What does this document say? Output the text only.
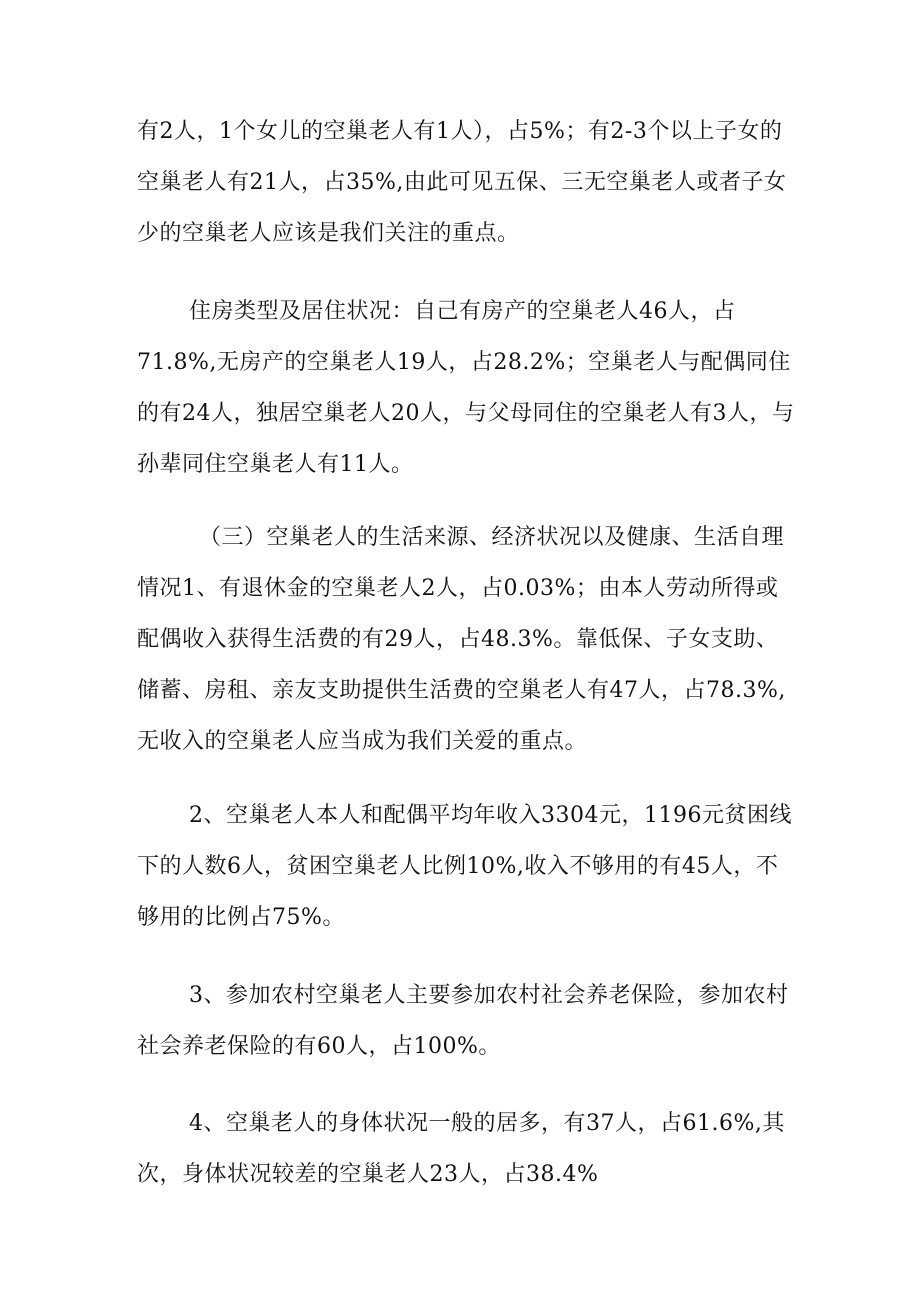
有2人，1个女儿的空巢老人有1人），占5%；有2-3个以上子女的
空巢老人有21人，占35%,由此可见五保、三无空巢老人或者子女
少的空巢老人应该是我们关注的重点。
住房类型及居住状况：自己有房产的空巢老人46人，占
71.8%,无房产的空巢老人19人，占28.2%；空巢老人与配偶同住
的有24人，独居空巢老人20人，与父母同住的空巢老人有3人，与
孙辈同住空巢老人有11人。
（三）空巢老人的生活来源、经济状况以及健康、生活自理
情况1、有退休金的空巢老人2人，占0.03%；由本人劳动所得或
配偶收入获得生活费的有29人，占48.3%。靠低保、子女支助、
储蓄、房租、亲友支助提供生活费的空巢老人有47人，占78.3%,
无收入的空巢老人应当成为我们关爱的重点。
2、空巢老人本人和配偶平均年收入3304元，1196元贫困线
下的人数6人，贫困空巢老人比例10%,收入不够用的有45人，不
够用的比例占75%。
3、参加农村空巢老人主要参加农村社会养老保险，参加农村
社会养老保险的有60人，占100%。
4、空巢老人的身体状况一般的居多，有37人，占61.6%,其
次，身体状况较差的空巢老人23人，占38.4%
